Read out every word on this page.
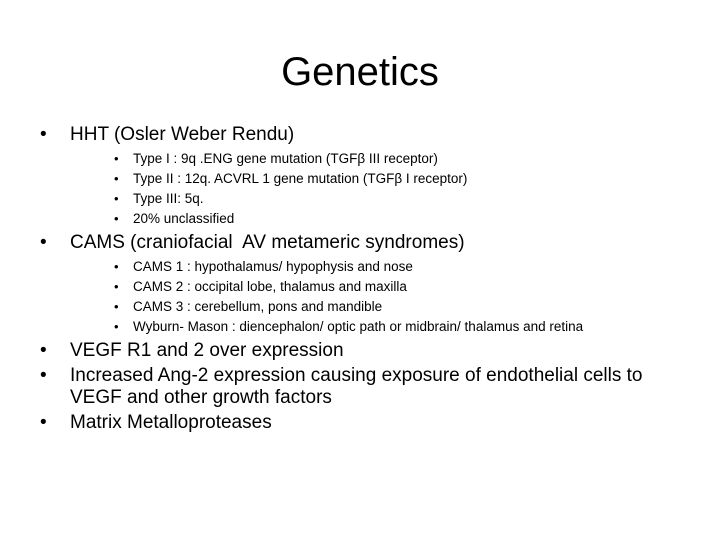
Genetics
• HHT (Osler Weber Rendu)
• Type I : 9q .ENG gene mutation (TGFβ III receptor)
• Type II : 12q. ACVRL 1 gene mutation (TGFβ I receptor)
• Type III: 5q.
• 20% unclassified
• CAMS (craniofacial  AV metameric syndromes)
• CAMS 1 : hypothalamus/ hypophysis and nose
• CAMS 2 : occipital lobe, thalamus and maxilla
• CAMS 3 : cerebellum, pons and mandible
• Wyburn- Mason : diencephalon/ optic path or midbrain/ thalamus and retina
• VEGF R1 and 2 over expression
• Increased Ang-2 expression causing exposure of endothelial cells to VEGF and other growth factors
• Matrix Metalloproteases
